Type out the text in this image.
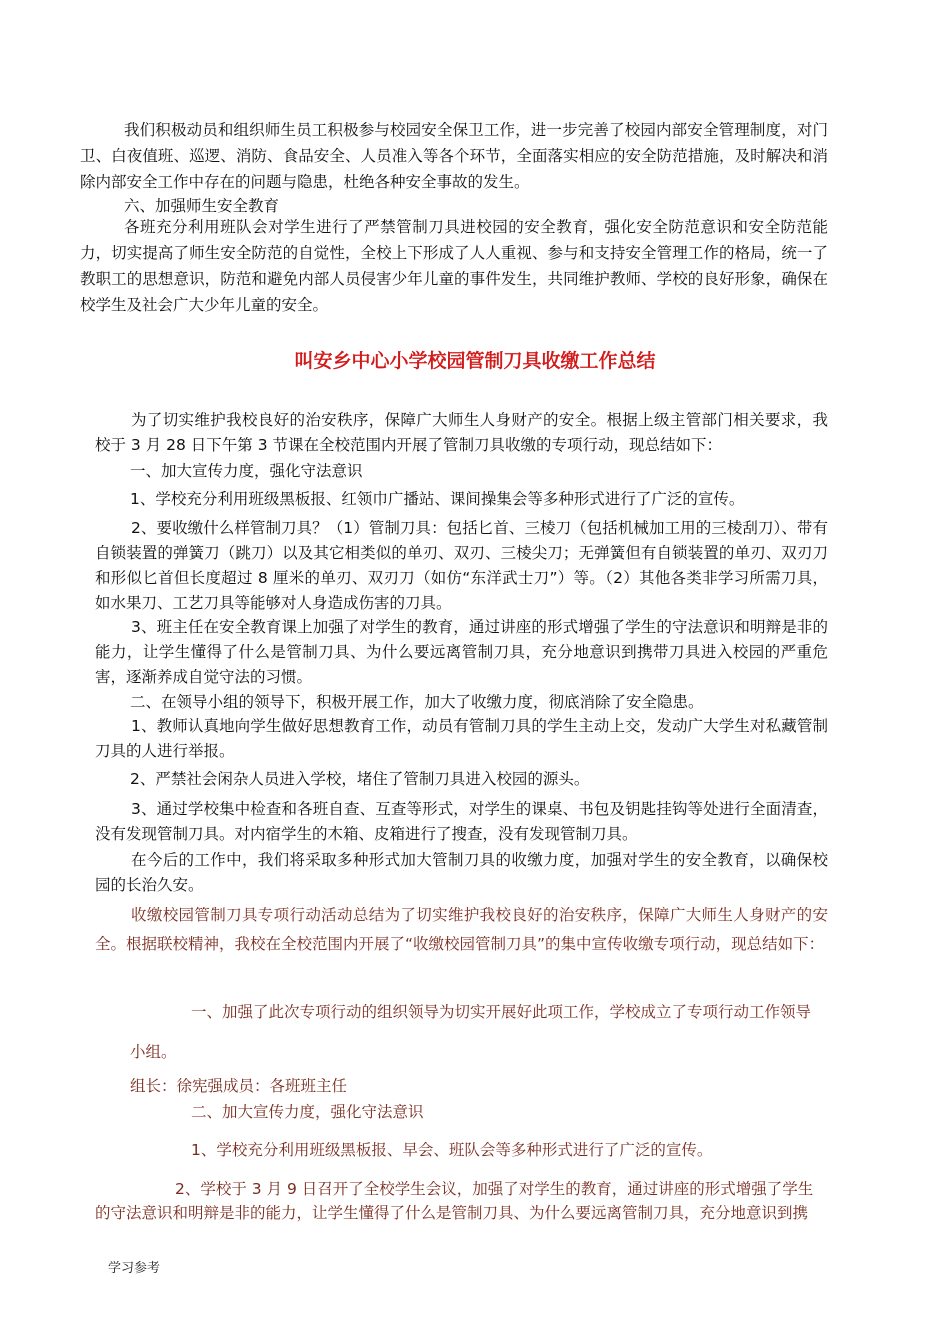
我们积极动员和组织师生员工积极参与校园安全保卫工作，进一步完善了校园内部安全管理制度，对门卫、白夜值班、巡逻、消防、食品安全、人员准入等各个环节，全面落实相应的安全防范措施，及时解决和消除内部安全工作中存在的问题与隐患，杜绝各种安全事故的发生。

六、加强师生安全教育

各班充分利用班队会对学生进行了严禁管制刀具进校园的安全教育，强化安全防范意识和安全防范能力，切实提高了师生安全防范的自觉性，全校上下形成了人人重视、参与和支持安全管理工作的格局，统一了教职工的思想意识，防范和避免内部人员侵害少年儿童的事件发生，共同维护教师、学校的良好形象，确保在校学生及社会广大少年儿童的安全。

叫安乡中心小学校园管制刀具收缴工作总结

为了切实维护我校良好的治安秩序，保障广大师生人身财产的安全。根据上级主管部门相关要求，我校于 3 月 28 日下午第 3 节课在全校范围内开展了管制刀具收缴的专项行动，现总结如下：

一、加大宣传力度，强化守法意识

1、学校充分利用班级黑板报、红领巾广播站、课间操集会等多种形式进行了广泛的宣传。

2、要收缴什么样管制刀具？（1）管制刀具：包括匕首、三棱刀（包括机械加工用的三棱刮刀）、带有自锁装置的弹簧刀（跳刀）以及其它相类似的单刃、双刃、三棱尖刀；无弹簧但有自锁装置的单刃、双刃刀和形似匕首但长度超过 8 厘米的单刃、双刃刀（如仿“东洋武士刀”）等。（2）其他各类非学习所需刀具，如水果刀、工艺刀具等能够对人身造成伤害的刀具。

3、班主任在安全教育课上加强了对学生的教育，通过讲座的形式增强了学生的守法意识和明辩是非的能力，让学生懂得了什么是管制刀具、为什么要远离管制刀具，充分地意识到携带刀具进入校园的严重危害，逐渐养成自觉守法的习惯。

二、在领导小组的领导下，积极开展工作，加大了收缴力度，彻底消除了安全隐患。

1、教师认真地向学生做好思想教育工作，动员有管制刀具的学生主动上交，发动广大学生对私藏管制刀具的人进行举报。

2、严禁社会闲杂人员进入学校，堵住了管制刀具进入校园的源头。

3、通过学校集中检查和各班自查、互查等形式，对学生的课桌、书包及钥匙挂钩等处进行全面清查，没有发现管制刀具。对内宿学生的木箱、皮箱进行了搜查，没有发现管制刀具。

在今后的工作中，我们将采取多种形式加大管制刀具的收缴力度，加强对学生的安全教育，以确保校园的长治久安。

收缴校园管制刀具专项行动活动总结为了切实维护我校良好的治安秩序，保障广大师生人身财产的安全。根据联校精神，我校在全校范围内开展了“收缴校园管制刀具”的集中宣传收缴专项行动，现总结如下：

一、加强了此次专项行动的组织领导为切实开展好此项工作，学校成立了专项行动工作领导

小组。

组长：徐宪强成员：各班班主任

二、加大宣传力度，强化守法意识

1、学校充分利用班级黑板报、早会、班队会等多种形式进行了广泛的宣传。

2、学校于 3 月 9 日召开了全校学生会议，加强了对学生的教育，通过讲座的形式增强了学生

的守法意识和明辩是非的能力，让学生懂得了什么是管制刀具、为什么要远离管制刀具，充分地意识到携

学习参考
